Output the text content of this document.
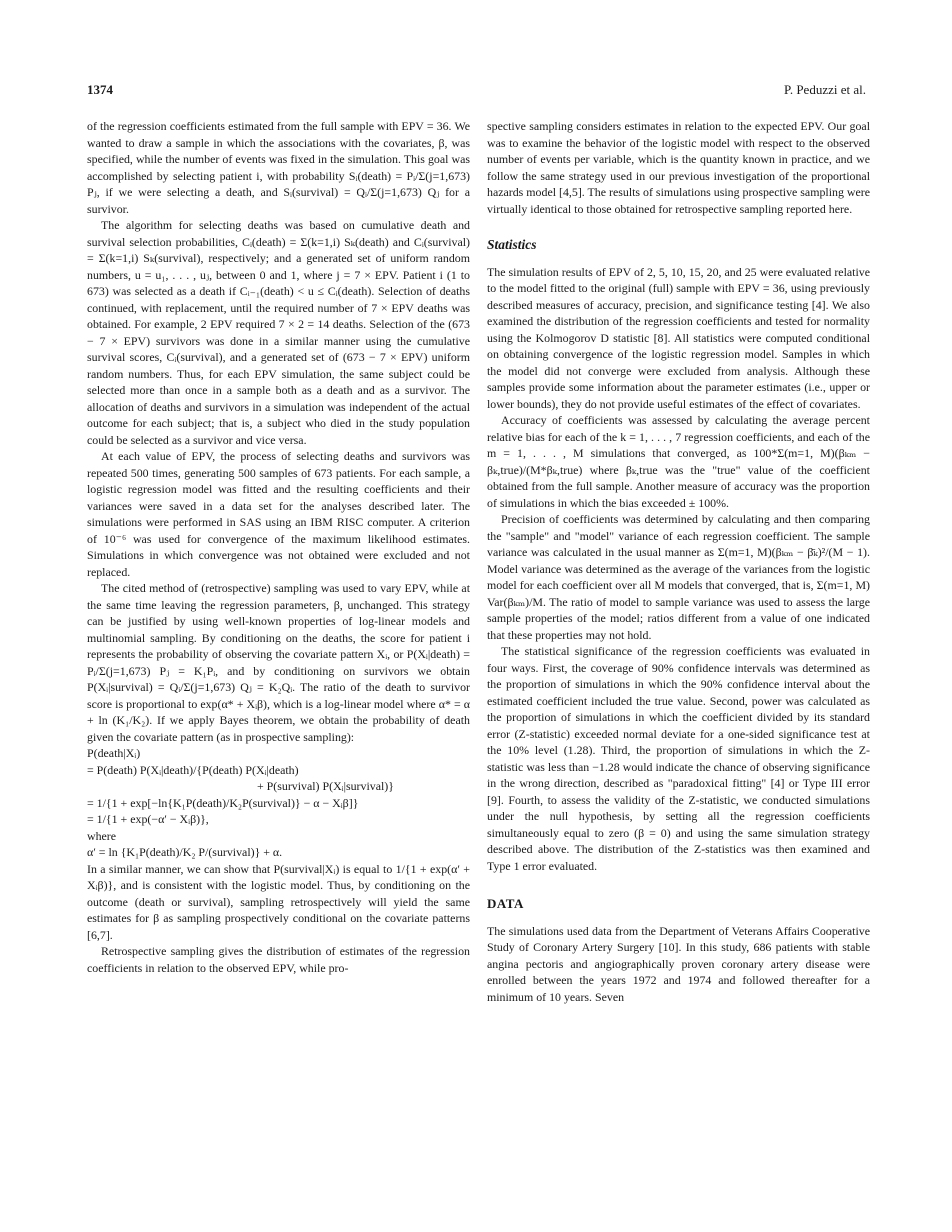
1374	P. Peduzzi et al.

of the regression coefficients estimated from the full sample with EPV = 36. We wanted to draw a sample in which the associations with the covariates, β, was specified, while the number of events was fixed in the simulation. This goal was accomplished by selecting patient i, with probability Sᵢ(death) = Pᵢ/Σ(j=1,673) Pⱼ, if we were selecting a death, and Sᵢ(survival) = Qᵢ/Σ(j=1,673) Qⱼ for a survivor.

The algorithm for selecting deaths was based on cumulative death and survival selection probabilities, Cᵢ(death) = Σ(k=1,i) Sₖ(death) and Cᵢ(survival) = Σ(k=1,i) Sₖ(survival), respectively; and a generated set of uniform random numbers, u = u₁, . . . , uⱼ, between 0 and 1, where j = 7 × EPV. Patient i (1 to 673) was selected as a death if Cᵢ₋₁(death) < u ≤ Cᵢ(death). Selection of deaths continued, with replacement, until the required number of 7 × EPV deaths was obtained. For example, 2 EPV required 7 × 2 = 14 deaths. Selection of the (673 − 7 × EPV) survivors was done in a similar manner using the cumulative survival scores, Cᵢ(survival), and a generated set of (673 − 7 × EPV) uniform random numbers. Thus, for each EPV simulation, the same subject could be selected more than once in a sample both as a death and as a survivor. The allocation of deaths and survivors in a simulation was independent of the actual outcome for each subject; that is, a subject who died in the study population could be selected as a survivor and vice versa.

At each value of EPV, the process of selecting deaths and survivors was repeated 500 times, generating 500 samples of 673 patients. For each sample, a logistic regression model was fitted and the resulting coefficients and their variances were saved in a data set for the analyses described later. The simulations were performed in SAS using an IBM RISC computer. A criterion of 10⁻⁶ was used for convergence of the maximum likelihood estimates. Simulations in which convergence was not obtained were excluded and not replaced.

The cited method of (retrospective) sampling was used to vary EPV, while at the same time leaving the regression parameters, β, unchanged. This strategy can be justified by using well-known properties of log-linear models and multinomial sampling. By conditioning on the deaths, the score for patient i represents the probability of observing the covariate pattern Xᵢ, or P(Xᵢ|death) = Pᵢ/Σ(j=1,673) Pⱼ = K₁Pᵢ, and by conditioning on survivors we obtain P(Xᵢ|survival) = Qᵢ/Σ(j=1,673) Qⱼ = K₂Qᵢ. The ratio of the death to survivor score is proportional to exp(α* + Xᵢβ), which is a log-linear model where α* = α + ln (K₁/K₂). If we apply Bayes theorem, we obtain the probability of death given the covariate pattern (as in prospective sampling):

P(death|Xᵢ)

= P(death) P(Xᵢ|death)/{P(death) P(Xᵢ|death)

+ P(survival) P(Xᵢ|survival)}

= 1/{1 + exp[−ln{K₁P(death)/K₂P(survival)} − α − Xᵢβ]}

= 1/{1 + exp(−α′ − Xᵢβ)},

where

α′ = ln {K₁P(death)/K₂ P/(survival)} + α.

In a similar manner, we can show that P(survival|Xᵢ) is equal to 1/{1 + exp(α′ + Xᵢβ)}, and is consistent with the logistic model. Thus, by conditioning on the outcome (death or survival), sampling retrospectively will yield the same estimates for β as sampling prospectively conditional on the covariate patterns [6,7].

Retrospective sampling gives the distribution of estimates of the regression coefficients in relation to the observed EPV, while pro-

spective sampling considers estimates in relation to the expected EPV. Our goal was to examine the behavior of the logistic model with respect to the observed number of events per variable, which is the quantity known in practice, and we follow the same strategy used in our previous investigation of the proportional hazards model [4,5]. The results of simulations using prospective sampling were virtually identical to those obtained for retrospective sampling reported here.

Statistics

The simulation results of EPV of 2, 5, 10, 15, 20, and 25 were evaluated relative to the model fitted to the original (full) sample with EPV = 36, using previously described measures of accuracy, precision, and significance testing [4]. We also examined the distribution of the regression coefficients and tested for normality using the Kolmogorov D statistic [8]. All statistics were computed conditional on obtaining convergence of the logistic regression model. Samples in which the model did not converge were excluded from analysis. Although these samples provide some information about the parameter estimates (i.e., upper or lower bounds), they do not provide useful estimates of the effect of covariates.

Accuracy of coefficients was assessed by calculating the average percent relative bias for each of the k = 1, . . . , 7 regression coefficients, and each of the m = 1, . . . , M simulations that converged, as 100*Σ(m=1, M)(βₖₘ − βₖ,true)/(M*βₖ,true) where βₖ,true was the "true" value of the coefficient obtained from the full sample. Another measure of accuracy was the proportion of simulations in which the bias exceeded ± 100%.

Precision of coefficients was determined by calculating and then comparing the "sample" and "model" variance of each regression coefficient. The sample variance was calculated in the usual manner as Σ(m=1, M)(βₖₘ − β̄ₖ)²/(M − 1). Model variance was determined as the average of the variances from the logistic model for each coefficient over all M models that converged, that is, Σ(m=1, M) Var(βₖₘ)/M. The ratio of model to sample variance was used to assess the large sample properties of the model; ratios different from a value of one indicated that these properties may not hold.

The statistical significance of the regression coefficients was evaluated in four ways. First, the coverage of 90% confidence intervals was determined as the proportion of simulations in which the 90% confidence interval about the estimated coefficient included the true value. Second, power was calculated as the proportion of simulations in which the coefficient divided by its standard error (Z-statistic) exceeded normal deviate for a one-sided significance test at the 10% level (1.28). Third, the proportion of simulations in which the Z-statistic was less than −1.28 would indicate the chance of observing significance in the wrong direction, described as "paradoxical fitting" [4] or Type III error [9]. Fourth, to assess the validity of the Z-statistic, we conducted simulations under the null hypothesis, by setting all the regression coefficients simultaneously equal to zero (β = 0) and using the same simulation strategy described above. The distribution of the Z-statistics was then examined and Type 1 error evaluated.

DATA

The simulations used data from the Department of Veterans Affairs Cooperative Study of Coronary Artery Surgery [10]. In this study, 686 patients with stable angina pectoris and angiographically proven coronary artery disease were enrolled between the years 1972 and 1974 and followed thereafter for a minimum of 10 years. Seven
